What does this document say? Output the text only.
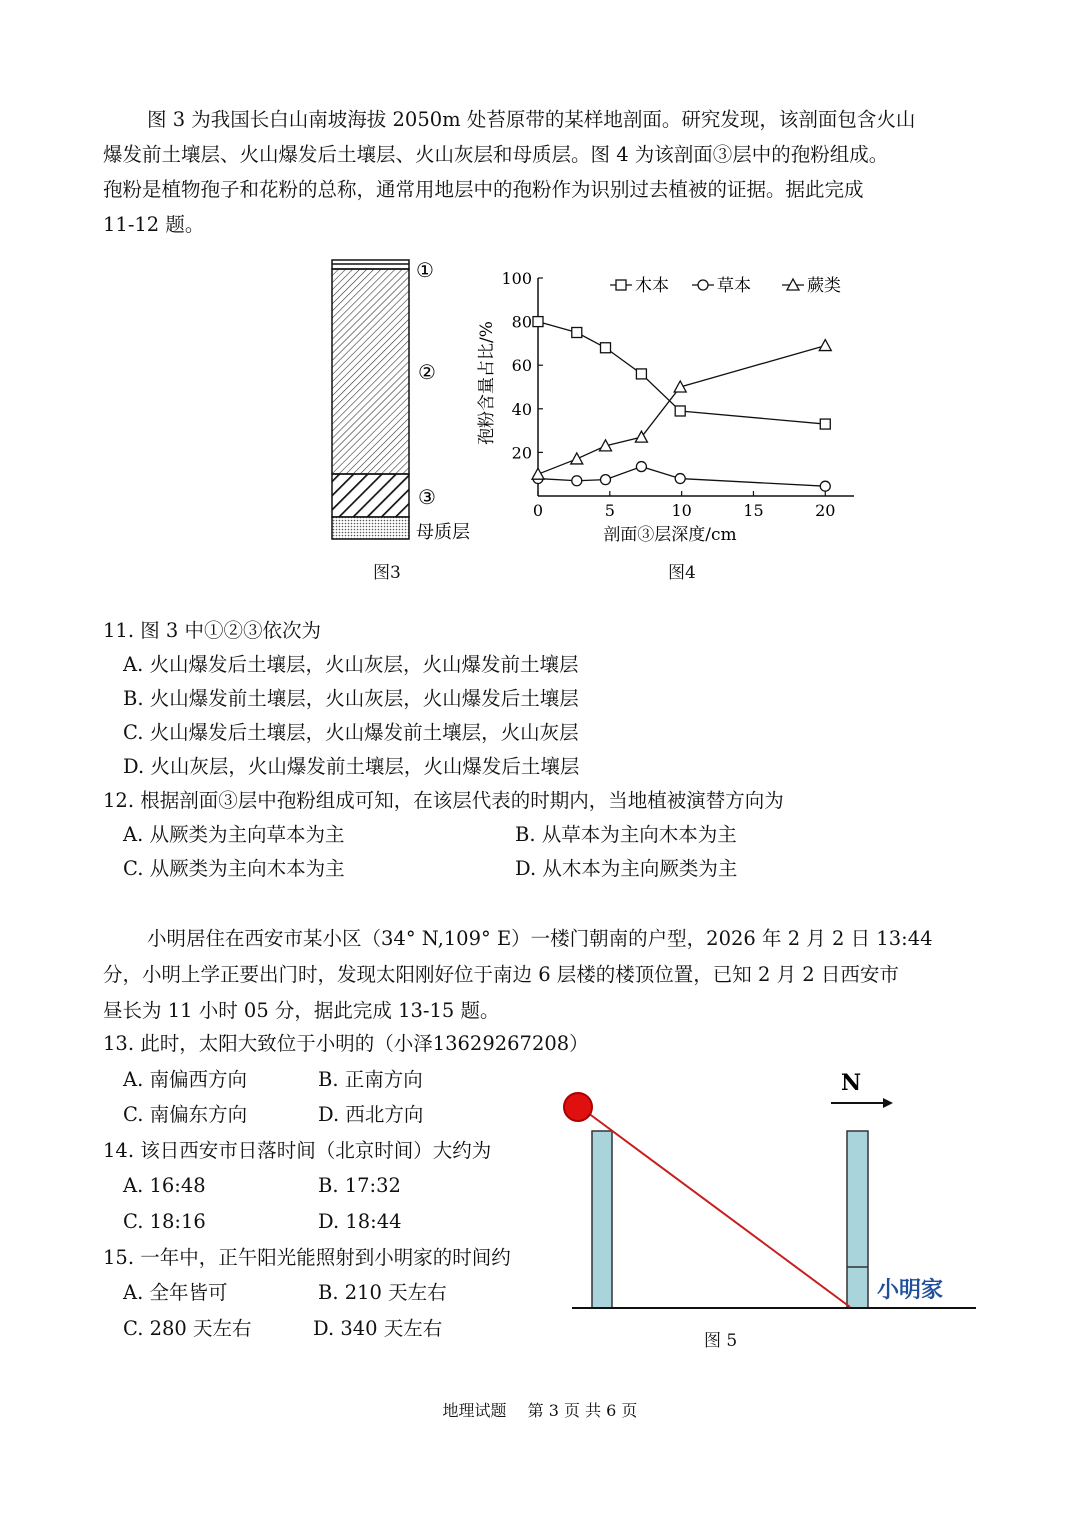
图 3 为我国长白山南坡海拔 2050m 处苔原带的某样地剖面。研究发现，该剖面包含火山
爆发前土壤层、火山爆发后土壤层、火山灰层和母质层。图 4 为该剖面③层中的孢粉组成。
孢粉是植物孢子和花粉的总称，通常用地层中的孢粉作为识别过去植被的证据。据此完成
11-12 题。
①
②
③
母质层
图3
0	5	10	15	20
20
40
60
80
100	木本	草本	蕨类
剖面③层深度/cm
孢粉含量占比/%
图4
11. 图 3 中①②③依次为
A. 火山爆发后土壤层，火山灰层，火山爆发前土壤层
B. 火山爆发前土壤层，火山灰层，火山爆发后土壤层
C. 火山爆发后土壤层，火山爆发前土壤层，火山灰层
D. 火山灰层，火山爆发前土壤层，火山爆发后土壤层
12. 根据剖面③层中孢粉组成可知，在该层代表的时期内，当地植被演替方向为
A. 从厥类为主向草本为主	B. 从草本为主向木本为主
C. 从厥类为主向木本为主	D. 从木本为主向厥类为主
小明居住在西安市某小区（34° N,109° E）一楼门朝南的户型，2026 年 2 月 2 日 13:44
分，小明上学正要出门时，发现太阳刚好位于南边 6 层楼的楼顶位置，已知 2 月 2 日西安市
昼长为 11 小时 05 分，据此完成 13-15 题。
13. 此时，太阳大致位于小明的（小泽13629267208）
A. 南偏西方向	B. 正南方向
C. 南偏东方向	D. 西北方向
14. 该日西安市日落时间（北京时间）大约为
A. 16:48	B. 17:32
C. 18:16	D. 18:44
15. 一年中，正午阳光能照射到小明家的时间约
A. 全年皆可	B. 210 天左右
C. 280 天左右	D. 340 天左右
N
小明家
图 5
地理试题　 第 3 页 共 6 页
